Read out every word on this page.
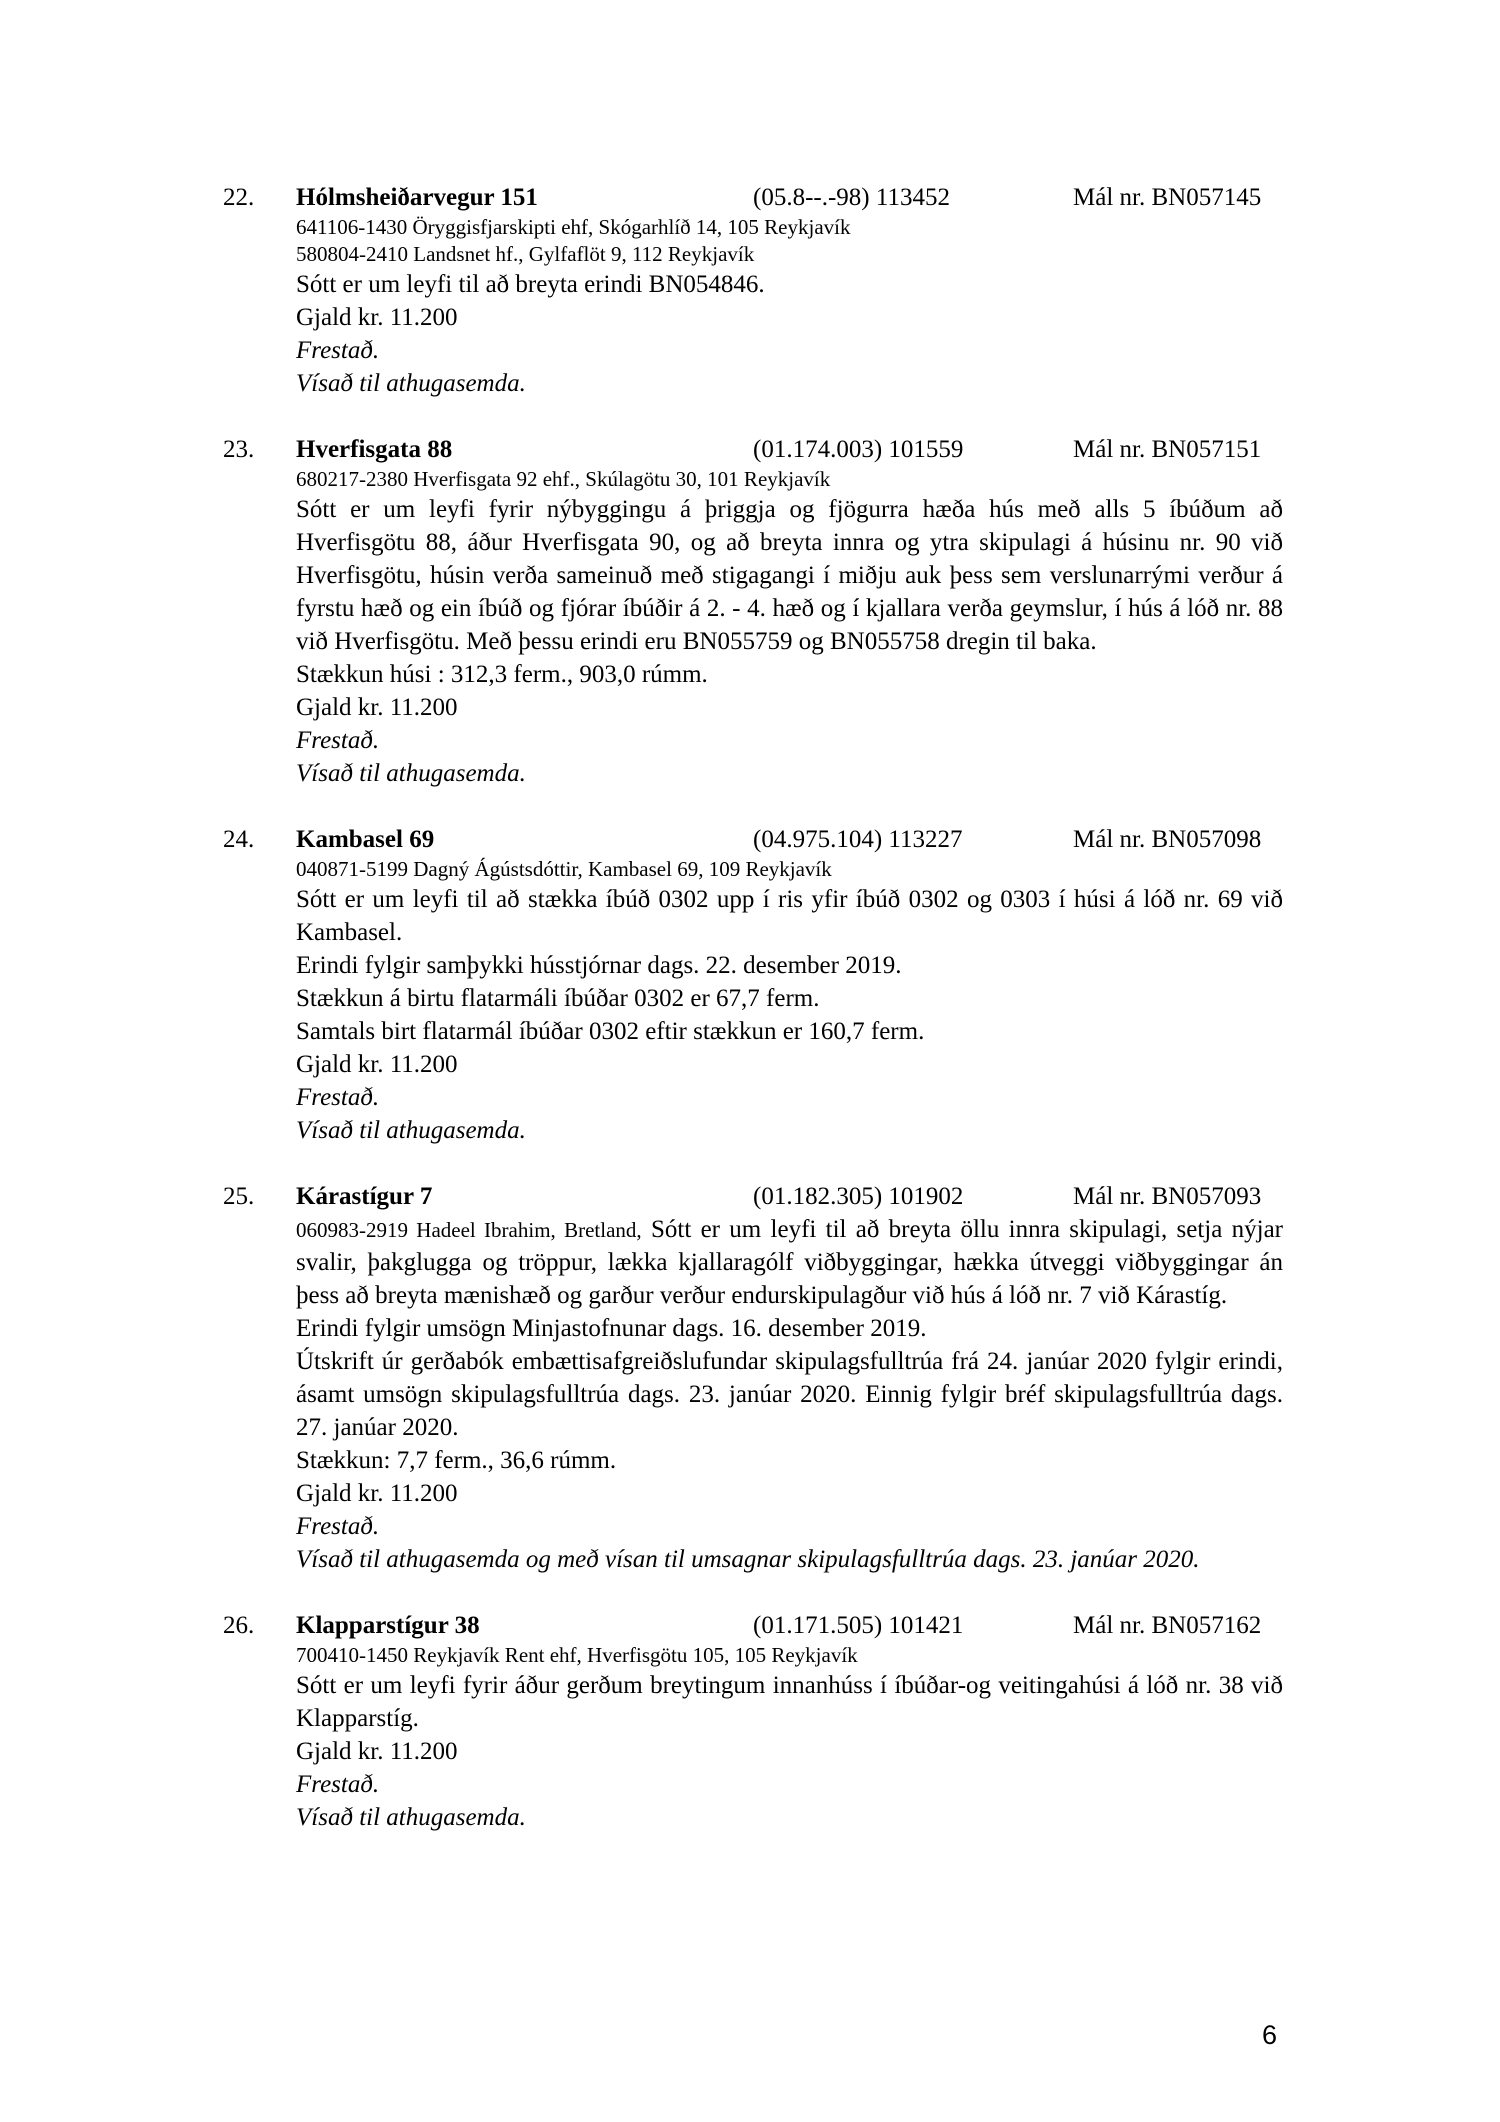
22. Hólmsheiðarvegur 151	(05.8--.-98) 113452	Mál nr. BN057145
641106-1430 Öryggisfjarskipti ehf, Skógarhlíð 14, 105 Reykjavík
580804-2410 Landsnet hf., Gylfaflöt 9, 112 Reykjavík
Sótt er um leyfi til að breyta erindi BN054846.
Gjald kr. 11.200
Frestað.
Vísað til athugasemda.
23. Hverfisgata 88	(01.174.003) 101559	Mál nr. BN057151
680217-2380 Hverfisgata 92 ehf., Skúlagötu 30, 101 Reykjavík
Sótt er um leyfi fyrir nýbyggingu á þriggja og fjögurra hæða hús með alls 5 íbúðum að Hverfisgötu 88, áður Hverfisgata 90, og að breyta innra og ytra skipulagi á húsinu nr. 90 við Hverfisgötu, húsin verða sameinuð með stigagangi í miðju auk þess sem verslunarrými verður á fyrstu hæð og ein íbúð og fjórar íbúðir á 2. - 4. hæð og í kjallara verða geymslur, í hús á lóð nr. 88 við Hverfisgötu. Með þessu erindi eru BN055759 og BN055758 dregin til baka.
Stækkun húsi : 312,3 ferm., 903,0 rúmm.
Gjald kr. 11.200
Frestað.
Vísað til athugasemda.
24. Kambasel 69	(04.975.104) 113227	Mál nr. BN057098
040871-5199 Dagný Ágústsdóttir, Kambasel 69, 109 Reykjavík
Sótt er um leyfi til að stækka íbúð 0302 upp í ris yfir íbúð 0302 og 0303 í húsi á lóð nr. 69 við Kambasel.
Erindi fylgir samþykki hússtjórnar dags. 22. desember 2019.
Stækkun á birtu flatarmáli íbúðar 0302 er 67,7 ferm.
Samtals birt flatarmál íbúðar 0302 eftir stækkun er 160,7 ferm.
Gjald kr. 11.200
Frestað.
Vísað til athugasemda.
25. Kárastígur 7	(01.182.305) 101902	Mál nr. BN057093
060983-2919 Hadeel Ibrahim, Bretland, Sótt er um leyfi til að breyta öllu innra skipulagi, setja nýjar svalir, þakglugga og tröppur, lækka kjallaragólf viðbyggingar, hækka útveggi viðbyggingar án þess að breyta mænishæð og garður verður endurskipulagður við hús á lóð nr. 7 við Kárastíg.
Erindi fylgir umsögn Minjastofnunar dags. 16. desember 2019.
Útskrift úr gerðabók embættisafgreiðslufundar skipulagsfulltrúa frá 24. janúar 2020 fylgir erindi, ásamt umsögn skipulagsfulltrúa dags. 23. janúar 2020. Einnig fylgir bréf skipulagsfulltrúa dags. 27. janúar 2020.
Stækkun: 7,7 ferm., 36,6 rúmm.
Gjald kr. 11.200
Frestað.
Vísað til athugasemda og með vísan til umsagnar skipulagsfulltrúa dags. 23. janúar 2020.
26. Klapparstígur 38	(01.171.505) 101421	Mál nr. BN057162
700410-1450 Reykjavík Rent ehf, Hverfisgötu 105, 105 Reykjavík
Sótt er um leyfi fyrir áður gerðum breytingum innanhúss í íbúðar-og veitingahúsi á lóð nr. 38 við Klapparstíg.
Gjald kr. 11.200
Frestað.
Vísað til athugasemda.
6
